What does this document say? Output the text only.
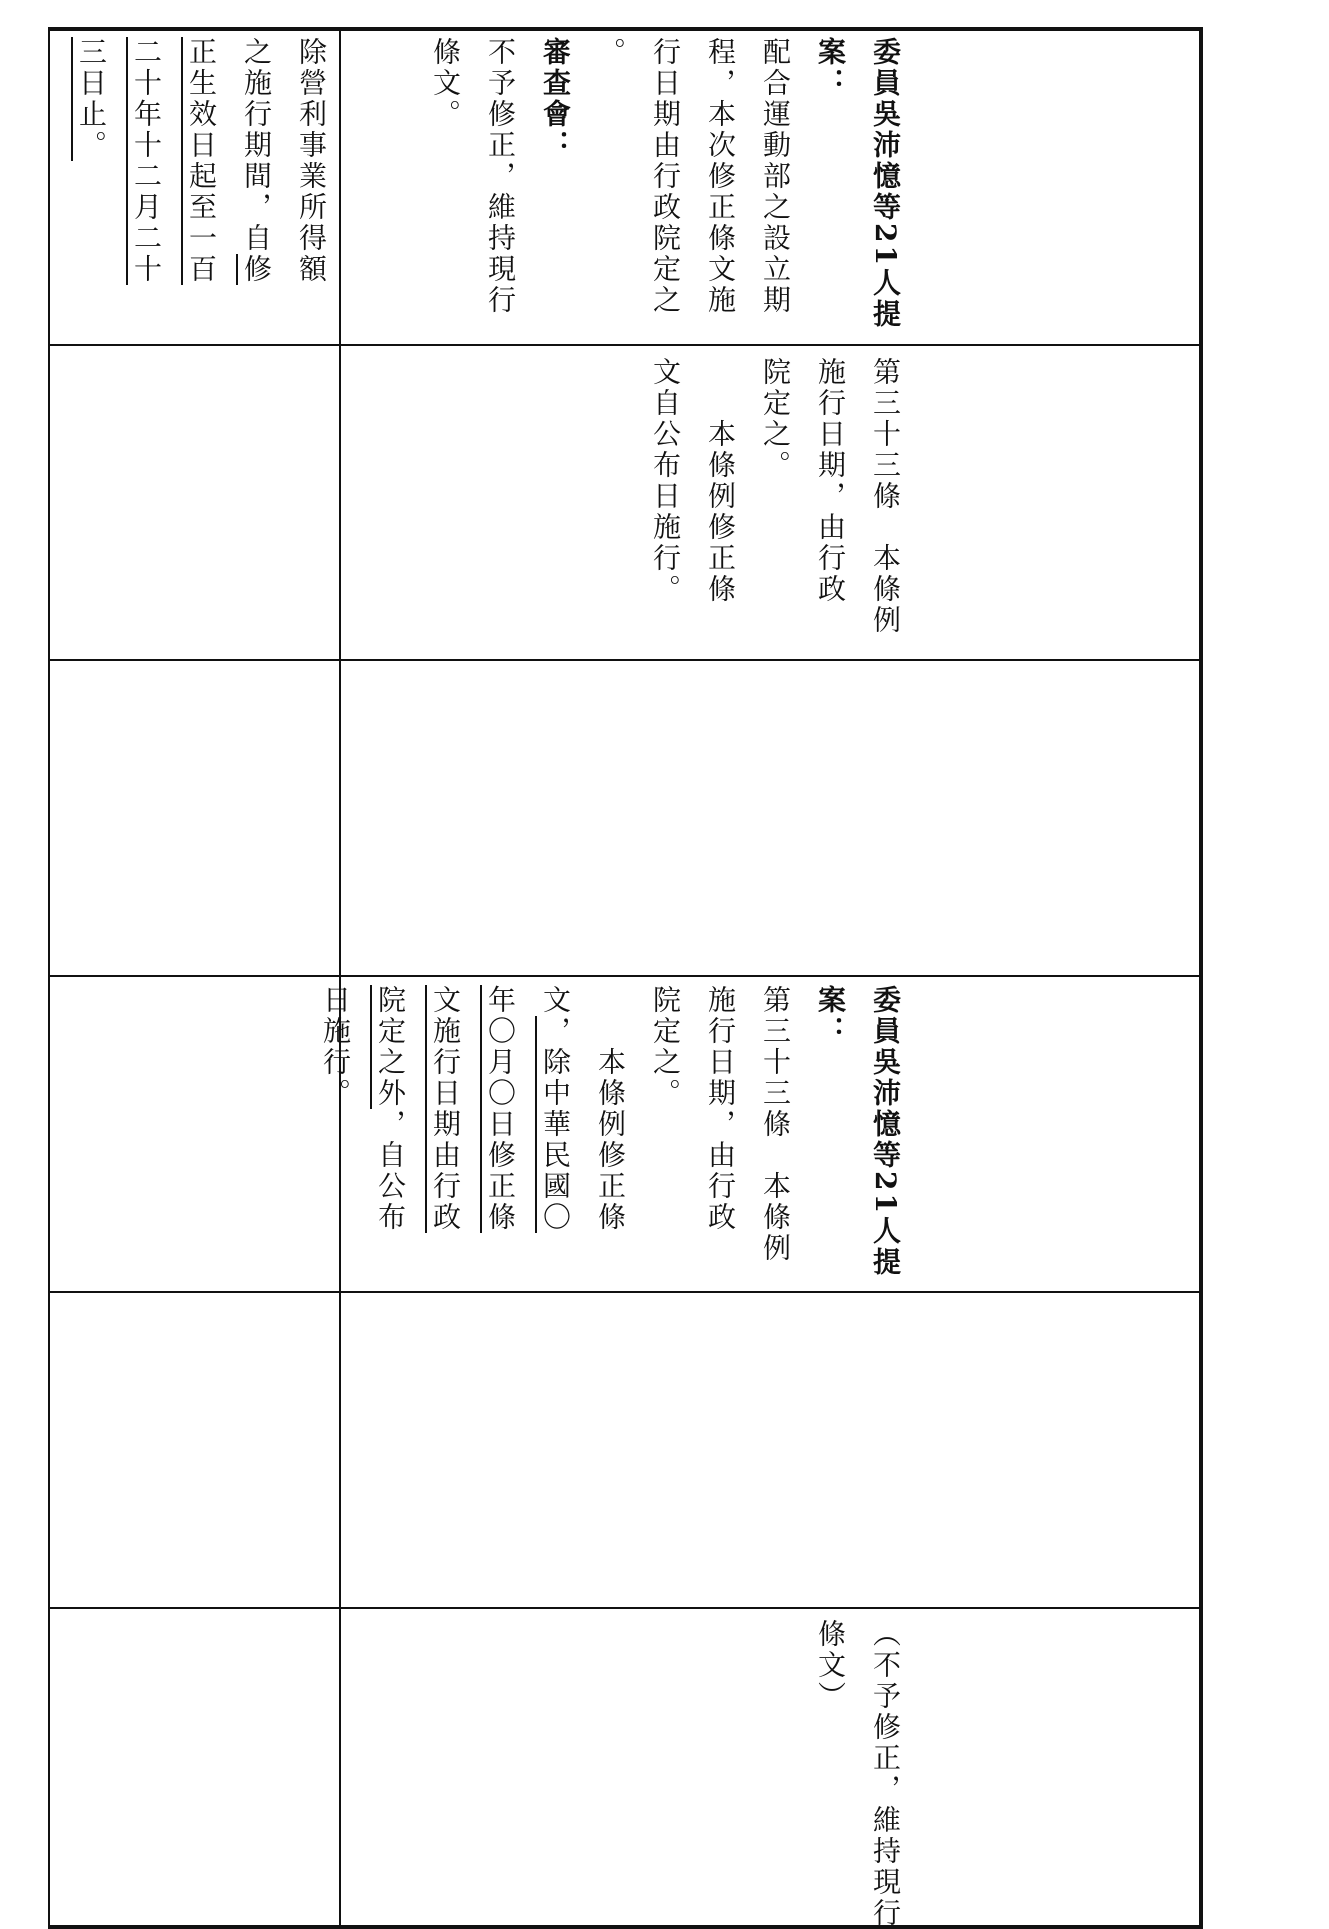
除營利事業所得額

之施行期間，自修

正生效日起至一百

二十年十二月二十

三日止。	委員吳沛憶等21人提

案：

配合運動部之設立期

程，本次修正條文施

行日期由行政院定之

。

審查會：

不予修正，維持現行

條文。

第三十三條　本條例

施行日期，由行政

院定之。

本條例修正條

文自公布日施行。

委員吳沛憶等21人提

案：

第三十三條　本條例

施行日期，由行政

院定之。

本條例修正條

文，除中華民國〇

年〇月〇日修正條

文施行日期由行政

院定之外，自公布

日施行。

（不予修正，維持現行

條文）
